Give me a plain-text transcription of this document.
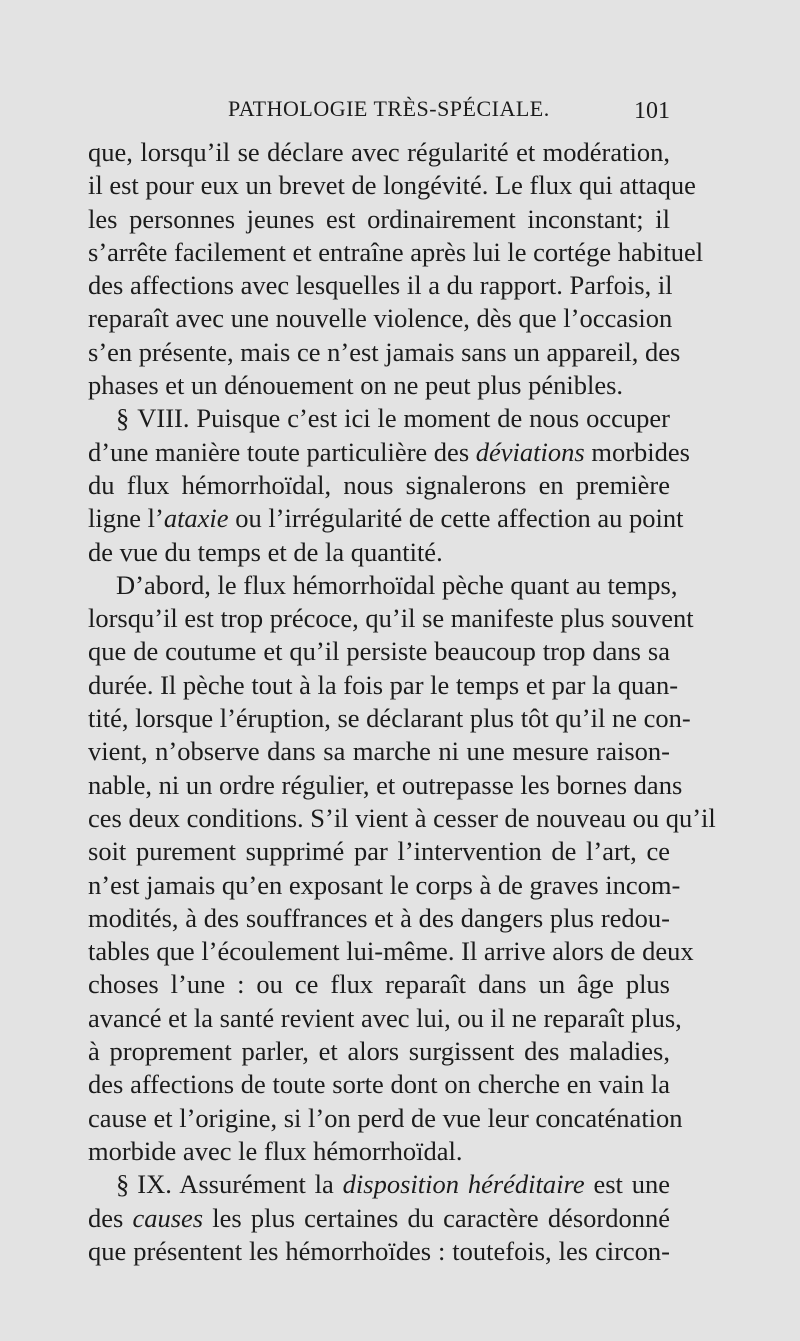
PATHOLOGIE TRÈS-SPÉCIALE.	101
que, lorsqu’il se déclare avec régularité et modération,
il est pour eux un brevet de longévité. Le flux qui attaque
les personnes jeunes est ordinairement inconstant; il
s’arrête facilement et entraîne après lui le cortége habituel
des affections avec lesquelles il a du rapport. Parfois, il
reparaît avec une nouvelle violence, dès que l’occasion
s’en présente, mais ce n’est jamais sans un appareil, des
phases et un dénouement on ne peut plus pénibles.
§ VIII. Puisque c’est ici le moment de nous occuper
d’une manière toute particulière des déviations morbides
du flux hémorrhoïdal, nous signalerons en première
ligne l’ataxie ou l’irrégularité de cette affection au point
de vue du temps et de la quantité.
D’abord, le flux hémorrhoïdal pèche quant au temps,
lorsqu’il est trop précoce, qu’il se manifeste plus souvent
que de coutume et qu’il persiste beaucoup trop dans sa
durée. Il pèche tout à la fois par le temps et par la quan-
tité, lorsque l’éruption, se déclarant plus tôt qu’il ne con-
vient, n’observe dans sa marche ni une mesure raison-
nable, ni un ordre régulier, et outrepasse les bornes dans
ces deux conditions. S’il vient à cesser de nouveau ou qu’il
soit purement supprimé par l’intervention de l’art, ce
n’est jamais qu’en exposant le corps à de graves incom-
modités, à des souffrances et à des dangers plus redou-
tables que l’écoulement lui-même. Il arrive alors de deux
choses l’une : ou ce flux reparaît dans un âge plus
avancé et la santé revient avec lui, ou il ne reparaît plus,
à proprement parler, et alors surgissent des maladies,
des affections de toute sorte dont on cherche en vain la
cause et l’origine, si l’on perd de vue leur concaténation
morbide avec le flux hémorrhoïdal.
§ IX. Assurément la disposition héréditaire est une
des causes les plus certaines du caractère désordonné
que présentent les hémorrhoïdes : toutefois, les circon-
